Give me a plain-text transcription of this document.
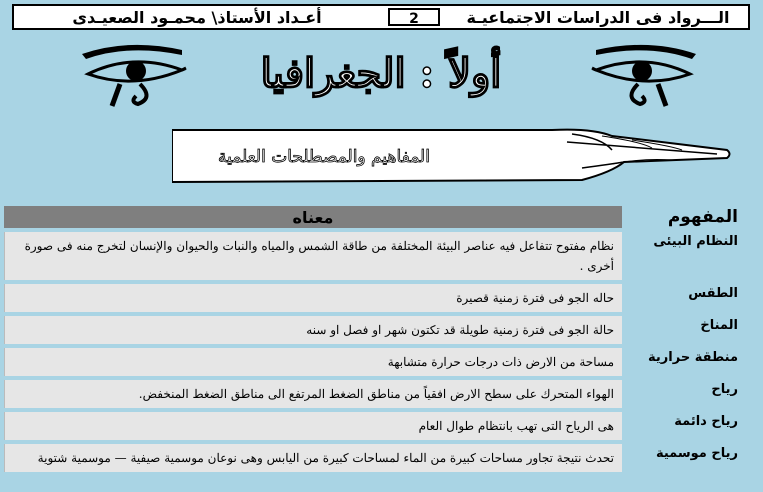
الـــرواد فى الدراسات الاجتماعيـة
2
أعـداد الأستاذ\ محمـود الصعيـدى
أولاً : الجغرافيا
المفاهيم والمصطلحات العلمية
المفهوم	معناه
النظام البيئى	نظام مفتوح تتفاعل فيه عناصر البيئة المختلفة من طاقة الشمس والمياه والنبات والحيوان والإنسان لتخرج منه فى صورة أخرى .
الطقس	حاله الجو فى فترة زمنية قصيرة
المناخ	حالة الجو فى فترة زمنية طويلة قد تكتون شهر او فصل او سنه
منطقة حرارية	مساحة من الارض ذات درجات حرارة متشابهة
رياح	الهواء المتحرك على سطح الارض افقياً من مناطق الضغط المرتفع الى مناطق الضغط المنخفض.
رياح دائمة	هى الرياح التى تهب بانتظام طوال العام
رياح موسمية	تحدث نتيجة تجاور مساحات كبيرة من الماء لمساحات كبيرة من اليابس وهى نوعان موسمية صيفية — موسمية شتوية
